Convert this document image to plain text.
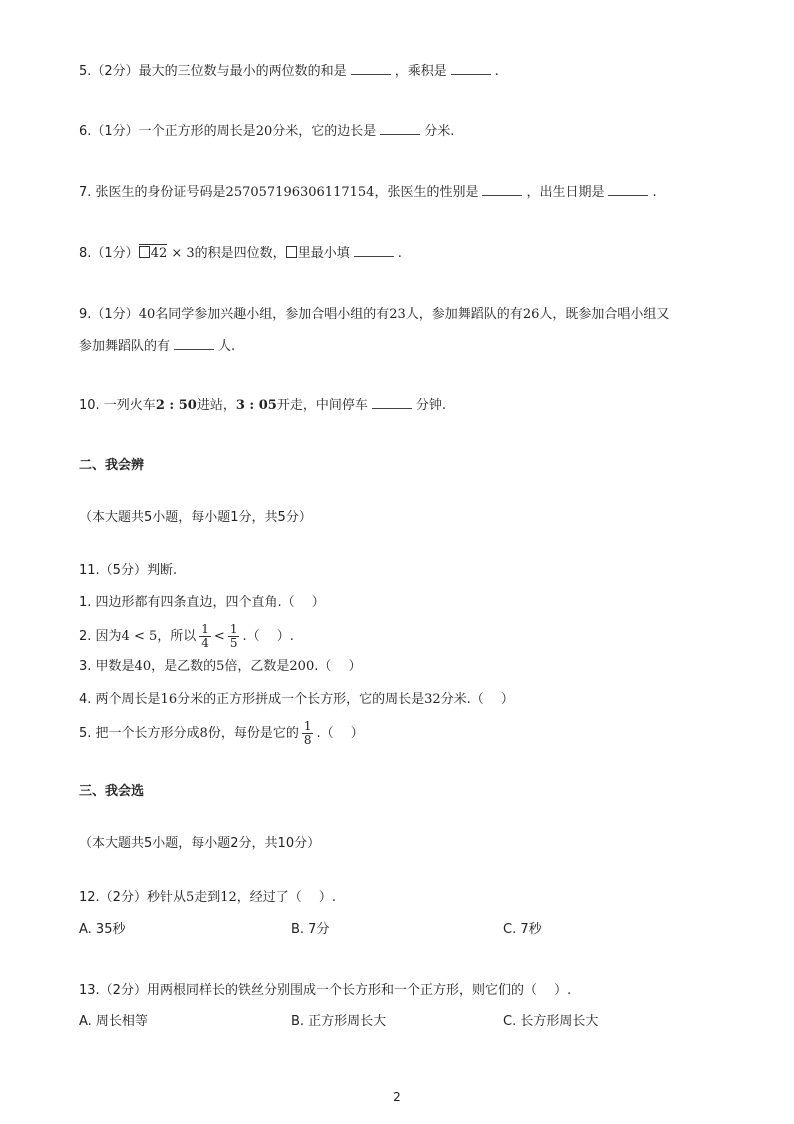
5.（2分）最大的三位数与最小的两位数的和是	，乘积是	.
6.（1分）一个正方形的周长是20分米，它的边长是	分米.
7. 张医生的身份证号码是257057196306117154，张医生的性别是	，出生日期是	.
8.（1分） 42 × 3的积是四位数， 里最小填	.
9.（1分）40名同学参加兴趣小组，参加合唱小组的有23人，参加舞蹈队的有26人，既参加合唱小组又
参加舞蹈队的有	人.
10. 一列火车2 : 50进站，3 : 05开走，中间停车	分钟.
二、我会辨
（本大题共5小题，每小题1分，共5分）
11.（5分）判断.
1. 四边形都有四条直边，四个直角.（　 ）
2. 因为4 < 5，所以 $\frac{1}{4} < \frac{1}{5}$ .（　 ）.
3. 甲数是40，是乙数的5倍，乙数是200.（　 ）
4. 两个周长是16分米的正方形拼成一个长方形，它的周长是32分米.（　 ）
5. 把一个长方形分成8份，每份是它的 $\frac{1}{8}$ .（　 ）
三、我会选
（本大题共5小题，每小题2分，共10分）
12.（2分）秒针从5走到12，经过了（　 ）.
A. 35秒	B. 7分	C. 7秒
13.（2分）用两根同样长的铁丝分别围成一个长方形和一个正方形，则它们的（　 ）.
A. 周长相等	B. 正方形周长大	C. 长方形周长大
2
